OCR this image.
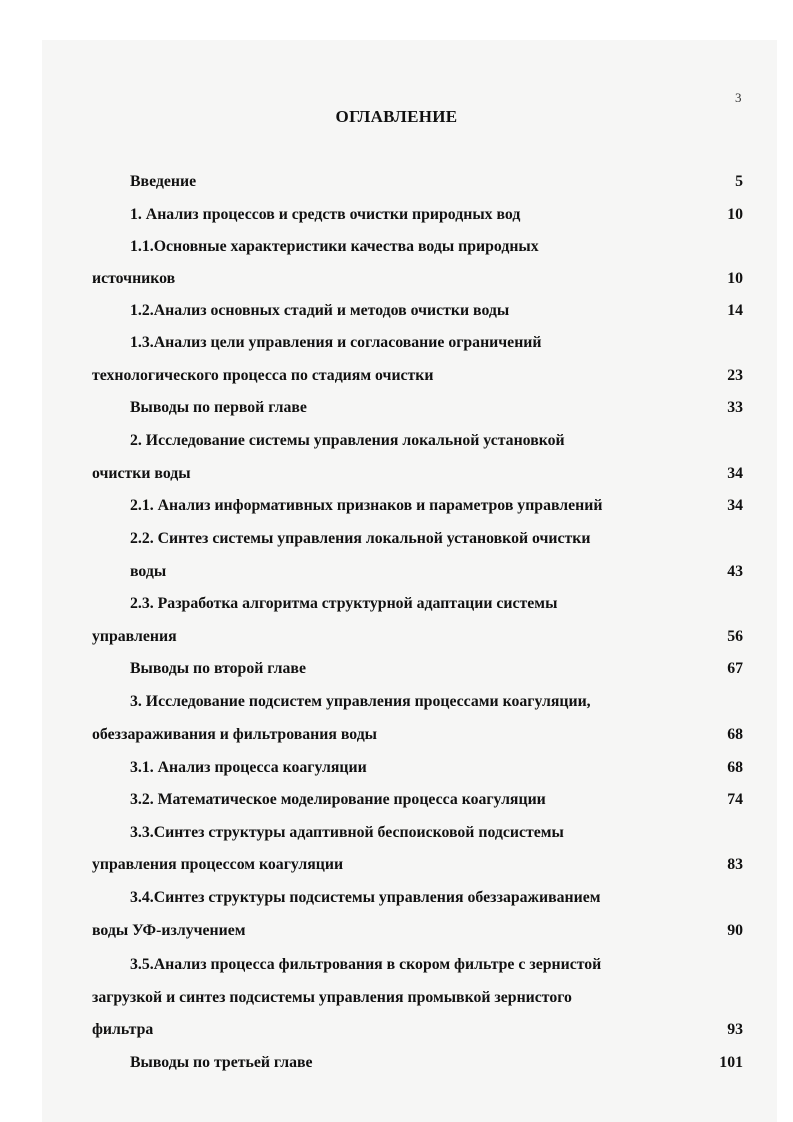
3
ОГЛАВЛЕНИЕ
Введение	5
1. Анализ процессов и средств очистки природных вод	10
1.1.Основные характеристики качества воды природных
источников	10
1.2.Анализ основных стадий и методов очистки воды	14
1.3.Анализ цели управления и согласование ограничений
технологического процесса по стадиям очистки	23
Выводы по первой главе	33
2. Исследование системы управления локальной установкой
очистки воды	34
2.1. Анализ информативных признаков и параметров управлений	34
2.2. Синтез системы управления локальной установкой очистки
воды	43
2.3. Разработка алгоритма структурной адаптации системы
управления	56
Выводы по второй главе	67
3. Исследование подсистем управления процессами коагуляции,
обеззараживания и фильтрования воды	68
3.1. Анализ процесса коагуляции	68
3.2. Математическое моделирование процесса коагуляции	74
3.3.Синтез структуры адаптивной беспоисковой подсистемы
управления процессом коагуляции	83
3.4.Синтез структуры подсистемы управления обеззараживанием
воды УФ-излучением	90
3.5.Анализ процесса фильтрования в скором фильтре с зернистой
загрузкой и синтез подсистемы управления промывкой зернистого
фильтра	93
Выводы по третьей главе	101
